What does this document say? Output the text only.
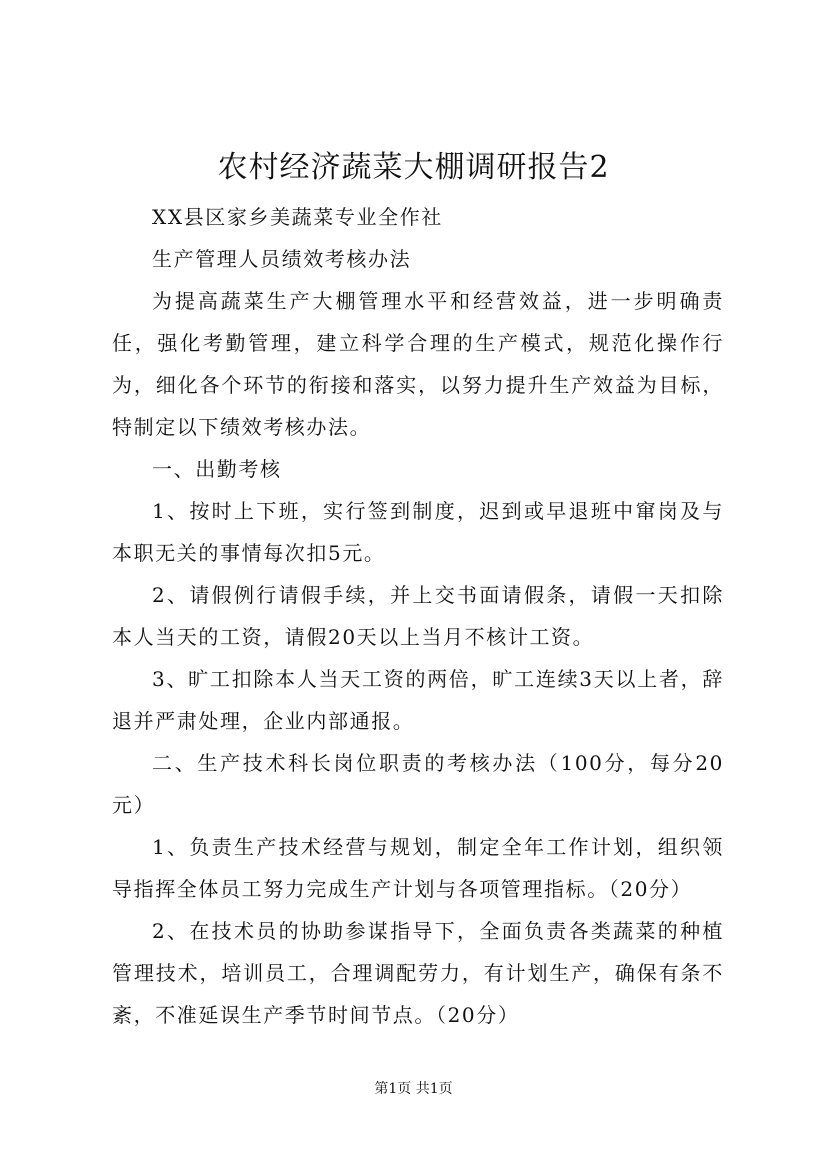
农村经济蔬菜大棚调研报告2

XX县区家乡美蔬菜专业全作社

生产管理人员绩效考核办法

为提高蔬菜生产大棚管理水平和经营效益，进一步明确责任，强化考勤管理，建立科学合理的生产模式，规范化操作行为，细化各个环节的衔接和落实，以努力提升生产效益为目标，特制定以下绩效考核办法。

一、出勤考核

1、按时上下班，实行签到制度，迟到或早退班中窜岗及与本职无关的事情每次扣5元。

2、请假例行请假手续，并上交书面请假条，请假一天扣除本人当天的工资，请假20天以上当月不核计工资。

3、旷工扣除本人当天工资的两倍，旷工连续3天以上者，辞退并严肃处理，企业内部通报。

二、生产技术科长岗位职责的考核办法（100分，每分20元）

1、负责生产技术经营与规划，制定全年工作计划，组织领导指挥全体员工努力完成生产计划与各项管理指标。（20分）

2、在技术员的协助参谋指导下，全面负责各类蔬菜的种植管理技术，培训员工，合理调配劳力，有计划生产，确保有条不紊，不准延误生产季节时间节点。（20分）

第1页 共1页
